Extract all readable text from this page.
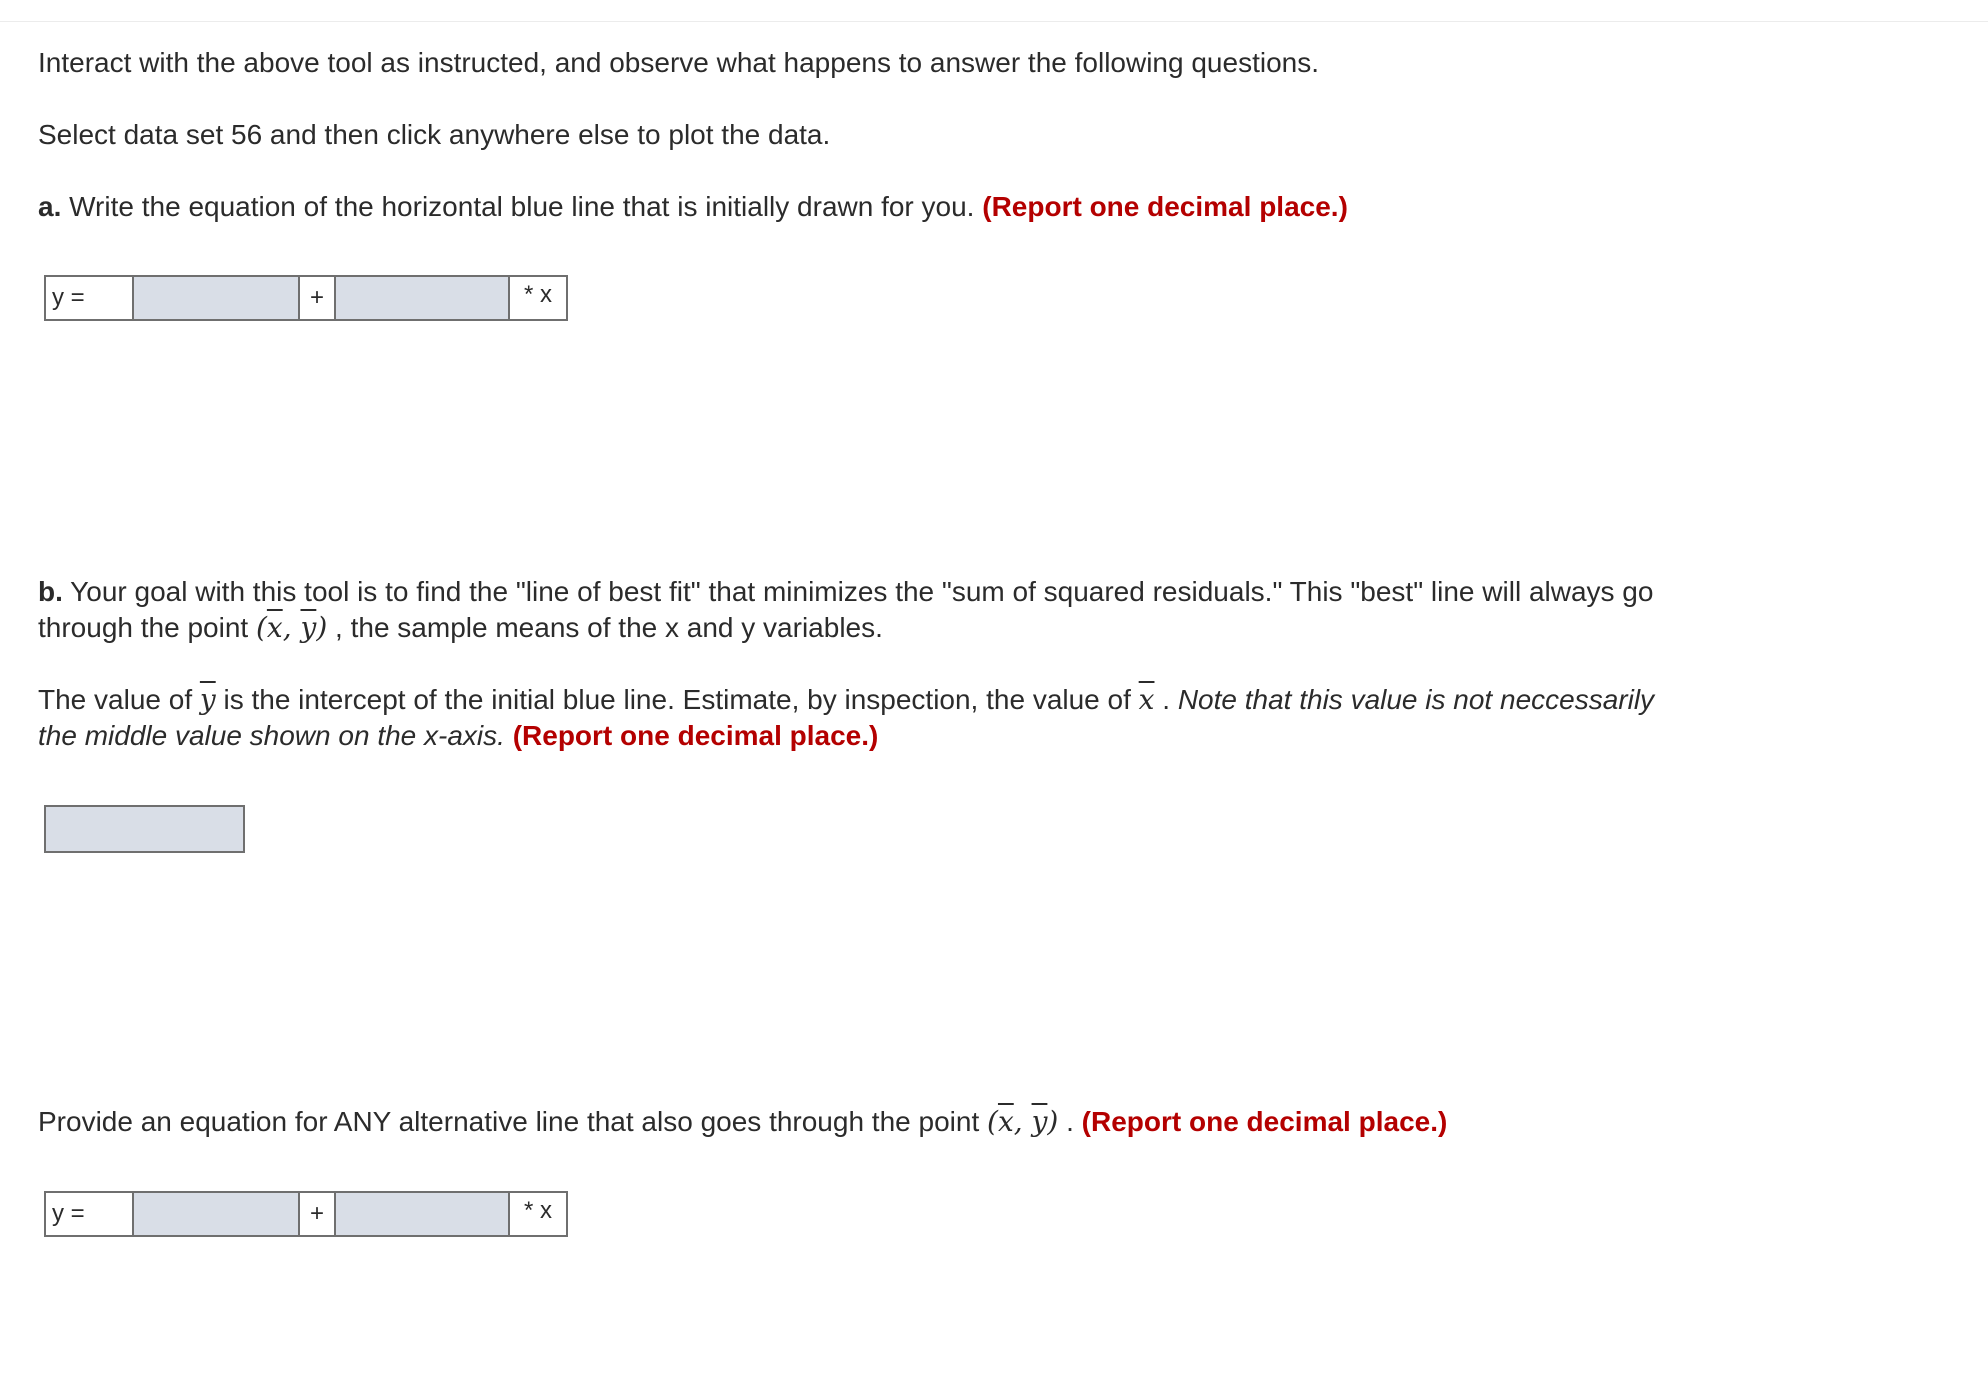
Interact with the above tool as instructed, and observe what happens to answer the following questions.

Select data set 56 and then click anywhere else to plot the data.

a. Write the equation of the horizontal blue line that is initially drawn for you. (Report one decimal place.)

y =	+	* x

b. Your goal with this tool is to find the "line of best fit" that minimizes the "sum of squared residuals." This "best" line will always go

through the point ($\overline{x}$, $\overline{y}$) , the sample means of the x and y variables.

The value of $\overline{y}$ is the intercept of the initial blue line. Estimate, by inspection, the value of $\overline{x}$ . Note that this value is not neccessarily

the middle value shown on the x-axis. (Report one decimal place.)

Provide an equation for ANY alternative line that also goes through the point ($\overline{x}$, $\overline{y}$) . (Report one decimal place.)

y =	+	* x
